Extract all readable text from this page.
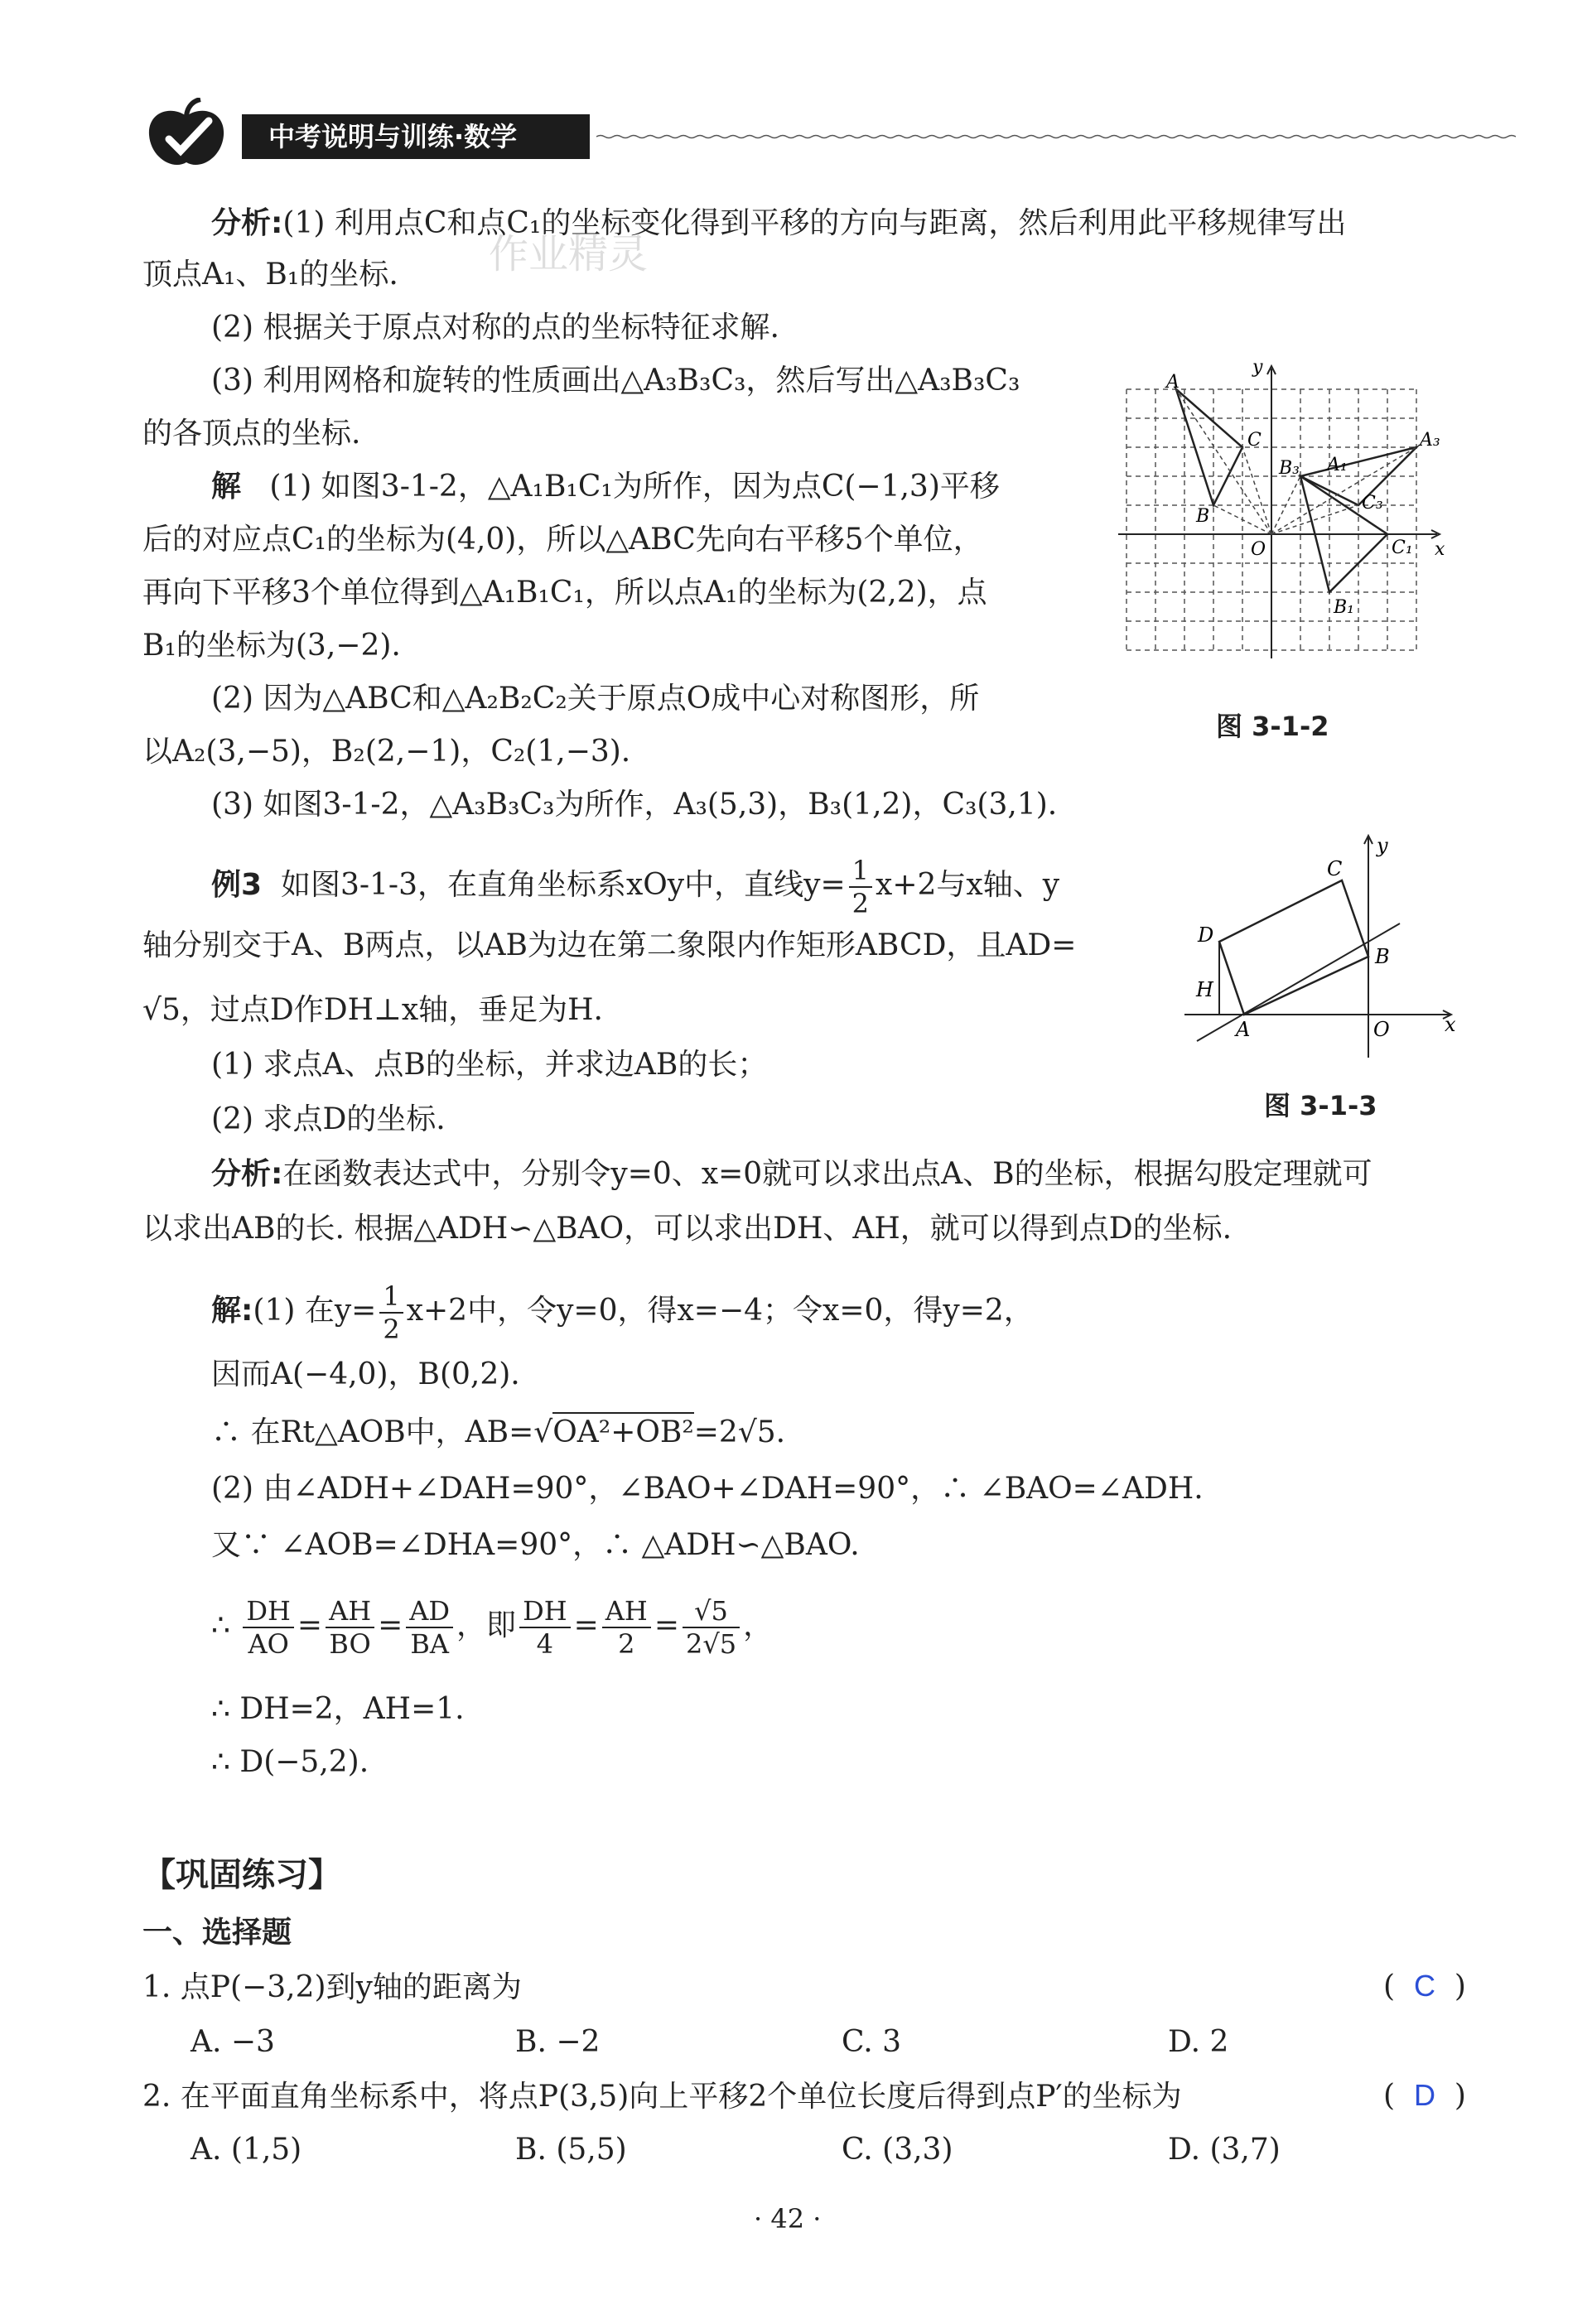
中考说明与训练·数学
作业精灵
分析:(1) 利用点C和点C₁的坐标变化得到平移的方向与距离，然后利用此平移规律写出
顶点A₁、B₁的坐标.
(2) 根据关于原点对称的点的坐标特征求解.
(3) 利用网格和旋转的性质画出△A₃B₃C₃，然后写出△A₃B₃C₃
的各顶点的坐标.
解 (1) 如图3-1-2，△A₁B₁C₁为所作，因为点C(−1,3)平移
后的对应点C₁的坐标为(4,0)，所以△ABC先向右平移5个单位，
再向下平移3个单位得到△A₁B₁C₁，所以点A₁的坐标为(2,2)，点
B₁的坐标为(3,−2).
(2) 因为△ABC和△A₂B₂C₂关于原点O成中心对称图形，所
以A₂(3,−5)，B₂(2,−1)，C₂(1,−3).
(3) 如图3-1-2，△A₃B₃C₃为所作，A₃(5,3)，B₃(1,2)，C₃(3,1).
A
C
B
B₃ A₁
A₃
C₃
B₁
C₁
O	x
y
图 3-1-2
例3 如图3-1-3，在直角坐标系xOy中，直线$y= \frac{1}{2} x+2$与x轴、y
轴分别交于A、B两点，以AB为边在第二象限内作矩形ABCD，且AD=
√5，过点D作DH⊥x轴，垂足为H.
(1) 求点A、点B的坐标，并求边AB的长；
(2) 求点D的坐标.
C
y
D
B
H
A	O	x
图 3-1-3
分析:在函数表达式中，分别令y=0、x=0就可以求出点A、B的坐标，根据勾股定理就可
以求出AB的长. 根据△ADH∽△BAO，可以求出DH、AH，就可以得到点D的坐标.
解:(1) 在$y= \frac{1}{2} x+2$中，令y=0，得x=−4；令x=0，得y=2，
因而A(−4,0)，B(0,2).
∴ 在Rt△AOB中，AB=√OA²+OB²=2√5.
(2) 由∠ADH+∠DAH=90°，∠BAO+∠DAH=90°，∴ ∠BAO=∠ADH.
又∵ ∠AOB=∠DHA=90°，∴ △ADH∽△BAO.
∴ $\frac{DH}{AO} = \frac{AH}{BO} = \frac{AD}{BA}$ ，即 $\frac{DH}{4} = \frac{AH}{2} = \frac{√5}{2√5}$ ，
∴ DH=2，AH=1.
∴ D(−5,2).
【巩固练习】
一、选择题
1. 点P(−3,2)到y轴的距离为	( C )
A. −3	B. −2	C. 3	D. 2
2. 在平面直角坐标系中，将点P(3,5)向上平移2个单位长度后得到点P′的坐标为	( D )
A. (1,5)	B. (5,5)	C. (3,3)	D. (3,7)
· 42 ·
